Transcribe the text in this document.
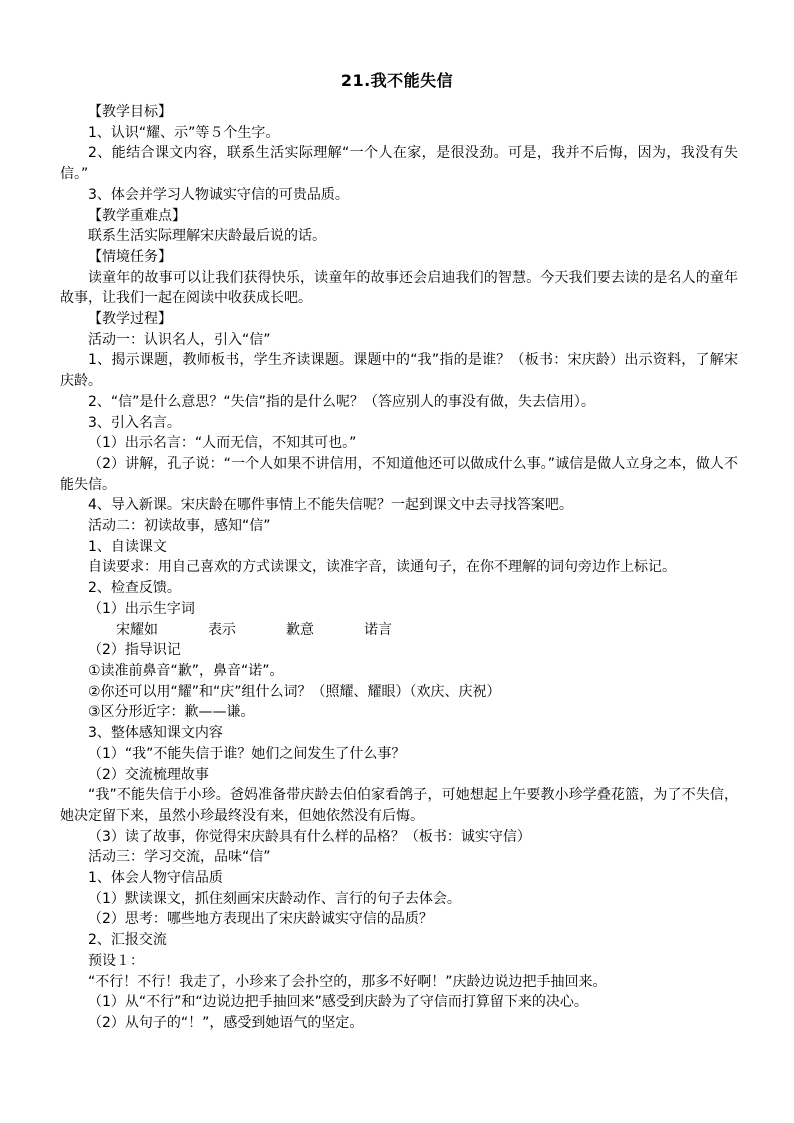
21.我不能失信

【教学目标】

1、认识“耀、示”等５个生字。

2、能结合课文内容，联系生活实际理解“一个人在家，是很没劲。可是，我并不后悔，因为，我没有失信。”

3、体会并学习人物诚实守信的可贵品质。

【教学重难点】

联系生活实际理解宋庆龄最后说的话。

【情境任务】

读童年的故事可以让我们获得快乐，读童年的故事还会启迪我们的智慧。今天我们要去读的是名人的童年故事，让我们一起在阅读中收获成长吧。

【教学过程】

活动一：认识名人，引入“信”

1、揭示课题，教师板书，学生齐读课题。课题中的“我”指的是谁？（板书：宋庆龄）出示资料，了解宋庆龄。

2、“信”是什么意思？“失信”指的是什么呢？（答应别人的事没有做，失去信用）。

3、引入名言。

（1）出示名言：“人而无信，不知其可也。”

（2）讲解，孔子说：“一个人如果不讲信用，不知道他还可以做成什么事。”诚信是做人立身之本，做人不能失信。

4、导入新课。宋庆龄在哪件事情上不能失信呢？一起到课文中去寻找答案吧。

活动二：初读故事，感知“信”

1、自读课文

自读要求：用自己喜欢的方式读课文，读准字音，读通句子，在你不理解的词句旁边作上标记。

2、检查反馈。

（1）出示生字词

宋耀如	表示	歉意	诺言

（2）指导识记

①读准前鼻音“歉”，鼻音“诺”。

②你还可以用“耀”和“庆”组什么词？（照耀、耀眼）（欢庆、庆祝）

③区分形近字：歉——谦。

3、整体感知课文内容

（1）“我”不能失信于谁？她们之间发生了什么事？

（2）交流梳理故事

“我”不能失信于小珍。爸妈准备带庆龄去伯伯家看鸽子，可她想起上午要教小珍学叠花篮，为了不失信，她决定留下来，虽然小珍最终没有来，但她依然没有后悔。

（3）读了故事，你觉得宋庆龄具有什么样的品格？（板书：诚实守信）

活动三：学习交流，品味“信”

1、体会人物守信品质

（1）默读课文，抓住刻画宋庆龄动作、言行的句子去体会。

（2）思考：哪些地方表现出了宋庆龄诚实守信的品质？

2、汇报交流

预设１：

“不行！不行！我走了，小珍来了会扑空的，那多不好啊！”庆龄边说边把手抽回来。

（1）从“不行”和“边说边把手抽回来”感受到庆龄为了守信而打算留下来的决心。

（2）从句子的“！”，感受到她语气的坚定。
